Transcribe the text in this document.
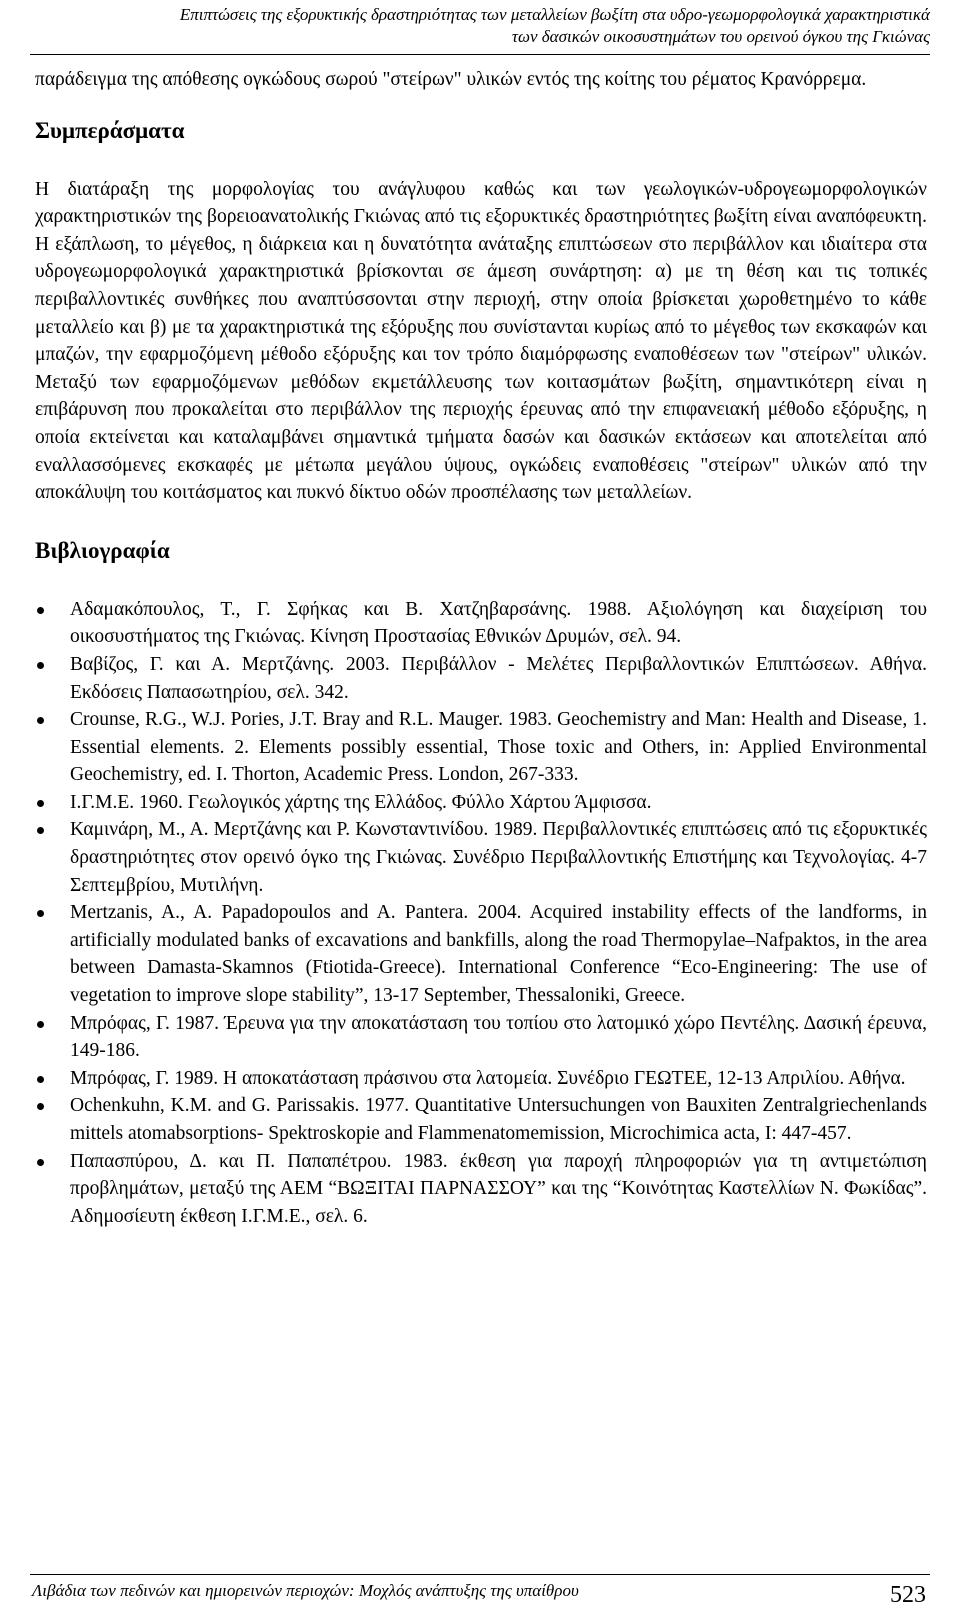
Επιπτώσεις της εξορυκτικής δραστηριότητας των μεταλλείων βωξίτη στα υδρο-γεωμορφολογικά χαρακτηριστικά
των δασικών οικοσυστημάτων του ορεινού όγκου της Γκιώνας

παράδειγμα της απόθεσης ογκώδους σωρού "στείρων" υλικών εντός της κοίτης του ρέματος Κρανόρρεμα.

Συμπεράσματα

Η διατάραξη της μορφολογίας του ανάγλυφου καθώς και των γεωλογικών-υδρογεωμορφολογικών χαρακτηριστικών της βορειοανατολικής Γκιώνας από τις εξορυκτικές δραστηριότητες βωξίτη είναι αναπόφευκτη. Η εξάπλωση, το μέγεθος, η διάρκεια και η δυνατότητα ανάταξης επιπτώσεων στο περιβάλλον και ιδιαίτερα στα υδρογεωμορφολογικά χαρακτηριστικά βρίσκονται σε άμεση συνάρτηση: α) με τη θέση και τις τοπικές περιβαλλοντικές συνθήκες που αναπτύσσονται στην περιοχή, στην οποία βρίσκεται χωροθετημένο το κάθε μεταλλείο και β) με τα χαρακτηριστικά της εξόρυξης που συνίστανται κυρίως από το μέγεθος των εκσκαφών και μπαζών, την εφαρμοζόμενη μέθοδο εξόρυξης και τον τρόπο διαμόρφωσης εναποθέσεων των "στείρων" υλικών. Μεταξύ των εφαρμοζόμενων μεθόδων εκμετάλλευσης των κοιτασμάτων βωξίτη, σημαντικότερη είναι η επιβάρυνση που προκαλείται στο περιβάλλον της περιοχής έρευνας από την επιφανειακή μέθοδο εξόρυξης, η οποία εκτείνεται και καταλαμβάνει σημαντικά τμήματα δασών και δασικών εκτάσεων και αποτελείται από εναλλασσόμενες εκσκαφές με μέτωπα μεγάλου ύψους, ογκώδεις εναποθέσεις "στείρων" υλικών από την αποκάλυψη του κοιτάσματος και πυκνό δίκτυο οδών προσπέλασης των μεταλλείων.

Βιβλιογραφία
Αδαμακόπουλος, Τ., Γ. Σφήκας και Β. Χατζηβαρσάνης. 1988. Αξιολόγηση και διαχείριση του οικοσυστήματος της Γκιώνας. Κίνηση Προστασίας Εθνικών Δρυμών, σελ. 94.
Βαβίζος, Γ. και Α. Μερτζάνης. 2003. Περιβάλλον - Μελέτες Περιβαλλοντικών Επιπτώσεων. Αθήνα. Εκδόσεις Παπασωτηρίου, σελ. 342.
Crounse, R.G., W.J. Pories, J.T. Bray and R.L. Mauger. 1983. Geochemistry and Man: Health and Disease, 1. Essential elements. 2. Elements possibly essential, Those toxic and Others, in: Applied Environmental Geochemistry, ed. I. Thorton, Academic Press. London, 267-333.
Ι.Γ.Μ.Ε. 1960. Γεωλογικός χάρτης της Ελλάδος. Φύλλο Χάρτου Άμφισσα.
Καμινάρη, Μ., Α. Μερτζάνης και Ρ. Κωνσταντινίδου. 1989. Περιβαλλοντικές επιπτώσεις από τις εξορυκτικές δραστηριότητες στον ορεινό όγκο της Γκιώνας. Συνέδριο Περιβαλλοντικής Επιστήμης και Τεχνολογίας. 4-7 Σεπτεμβρίου, Μυτιλήνη.
Mertzanis, A., A. Papadopoulos and A. Pantera. 2004. Acquired instability effects of the landforms, in artificially modulated banks of excavations and bankfills, along the road Thermopylae–Nafpaktos, in the area between Damasta-Skamnos (Ftiotida-Greece). International Conference “Eco-Engineering: The use of vegetation to improve slope stability”, 13-17 September, Thessaloniki, Greece.
Μπρόφας, Γ. 1987. Έρευνα για την αποκατάσταση του τοπίου στο λατομικό χώρο Πεντέλης. Δασική έρευνα, 149-186.
Μπρόφας, Γ. 1989. Η αποκατάσταση πράσινου στα λατομεία. Συνέδριο ΓΕΩΤΕΕ, 12-13 Απριλίου. Αθήνα.
Ochenkuhn, K.M. and G. Parissakis. 1977. Quantitative Untersuchungen von Bauxiten Zentralgriechenlands mittels atomabsorptions- Spektroskopie and Flammenatomemission, Microchimica acta, I: 447-457.
Παπασπύρου, Δ. και Π. Παπαπέτρου. 1983. έκθεση για παροχή πληροφοριών για τη αντιμετώπιση προβλημάτων, μεταξύ της ΑΕΜ “ΒΩΞΙΤΑΙ ΠΑΡΝΑΣΣΟΥ” και της “Κοινότητας Καστελλίων Ν. Φωκίδας”. Αδημοσίευτη έκθεση Ι.Γ.Μ.Ε., σελ. 6.
Λιβάδια των πεδινών και ημιορεινών περιοχών: Μοχλός ανάπτυξης της υπαίθρου	523
